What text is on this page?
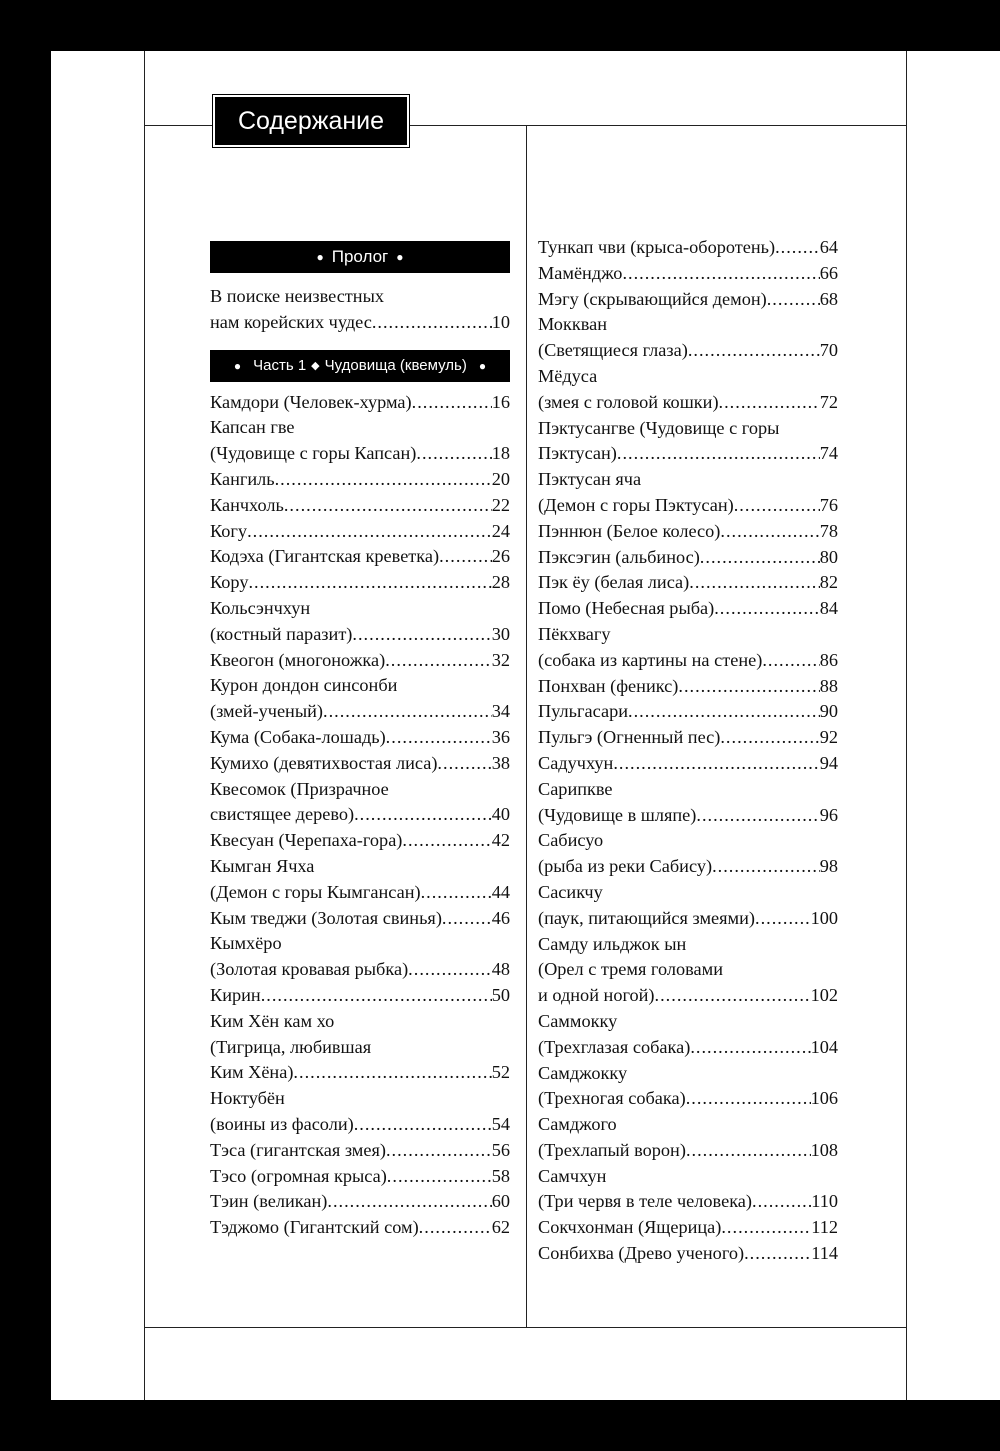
Содержание
● Пролог ●
В поиске неизвестных
нам корейских чудес .....	10
● Часть 1 ◆ Чудовища (квемуль) ●
Камдори (Человек-хурма) .....	16
Капсан гве
(Чудовище с горы Капсан) .....	18
Кангиль .....	20
Канчхоль .....	22
Когу .....	24
Кодэха (Гигантская креветка) .....	26
Кору .....	28
Кольсэнчхун
(костный паразит) .....	30
Квеогон (многоножка) .....	32
Курон дондон синсонби
(змей-ученый) .....	34
Кума (Собака-лошадь) .....	36
Кумихо (девятихвостая лиса) .....	38
Квесомок (Призрачное
свистящее дерево) .....	40
Квесуан (Черепаха-гора) .....	42
Кымган Ячха
(Демон с горы Кымгансан) .....	44
Кым тведжи (Золотая свинья) .....	46
Кымхёро
(Золотая кровавая рыбка) .....	48
Кирин .....	50
Ким Хён кам хо
(Тигрица, любившая
Ким Хёна) .....	52
Ноктубён
(воины из фасоли) .....	54
Тэса (гигантская змея) .....	56
Тэсо (огромная крыса) .....	58
Тэин (великан) .....	60
Тэджомо (Гигантский сом) .....	62
Тункап чви (крыса-оборотень) ..... 64
Мамёнджо .....	66
Мэгу (скрывающийся демон) .....	68
Моккван
(Светящиеся глаза) .....	70
Мёдуса
(змея с головой кошки) .....	72
Пэктусангве (Чудовище с горы
Пэктусан) .....	74
Пэктусан яча
(Демон с горы Пэктусан) .....	76
Пэннюн (Белое колесо) .....	78
Пэксэгин (альбинос) .....	80
Пэк ёу (белая лиса) .....	82
Помо (Небесная рыба) .....	84
Пёкхвагу
(собака из картины на стене) .....	86
Понхван (феникс) .....	88
Пульгасари .....	90
Пульгэ (Огненный пес) .....	92
Садучхун .....	94
Сарипкве
(Чудовище в шляпе) .....	96
Сабисуо
(рыба из реки Сабису) .....	98
Сасикчу
(паук, питающийся змеями) .....	100
Самду ильджок ын
(Орел с тремя головами
и одной ногой) .....	102
Саммокку
(Трехглазая собака) .....	104
Самджокку
(Трехногая собака) .....	106
Самджого
(Трехлапый ворон) .....	108
Самчхун
(Три червя в теле человека) .....	110
Сокчхонман (Ящерица) .....	112
Сонбихва (Древо ученого) .....	114
